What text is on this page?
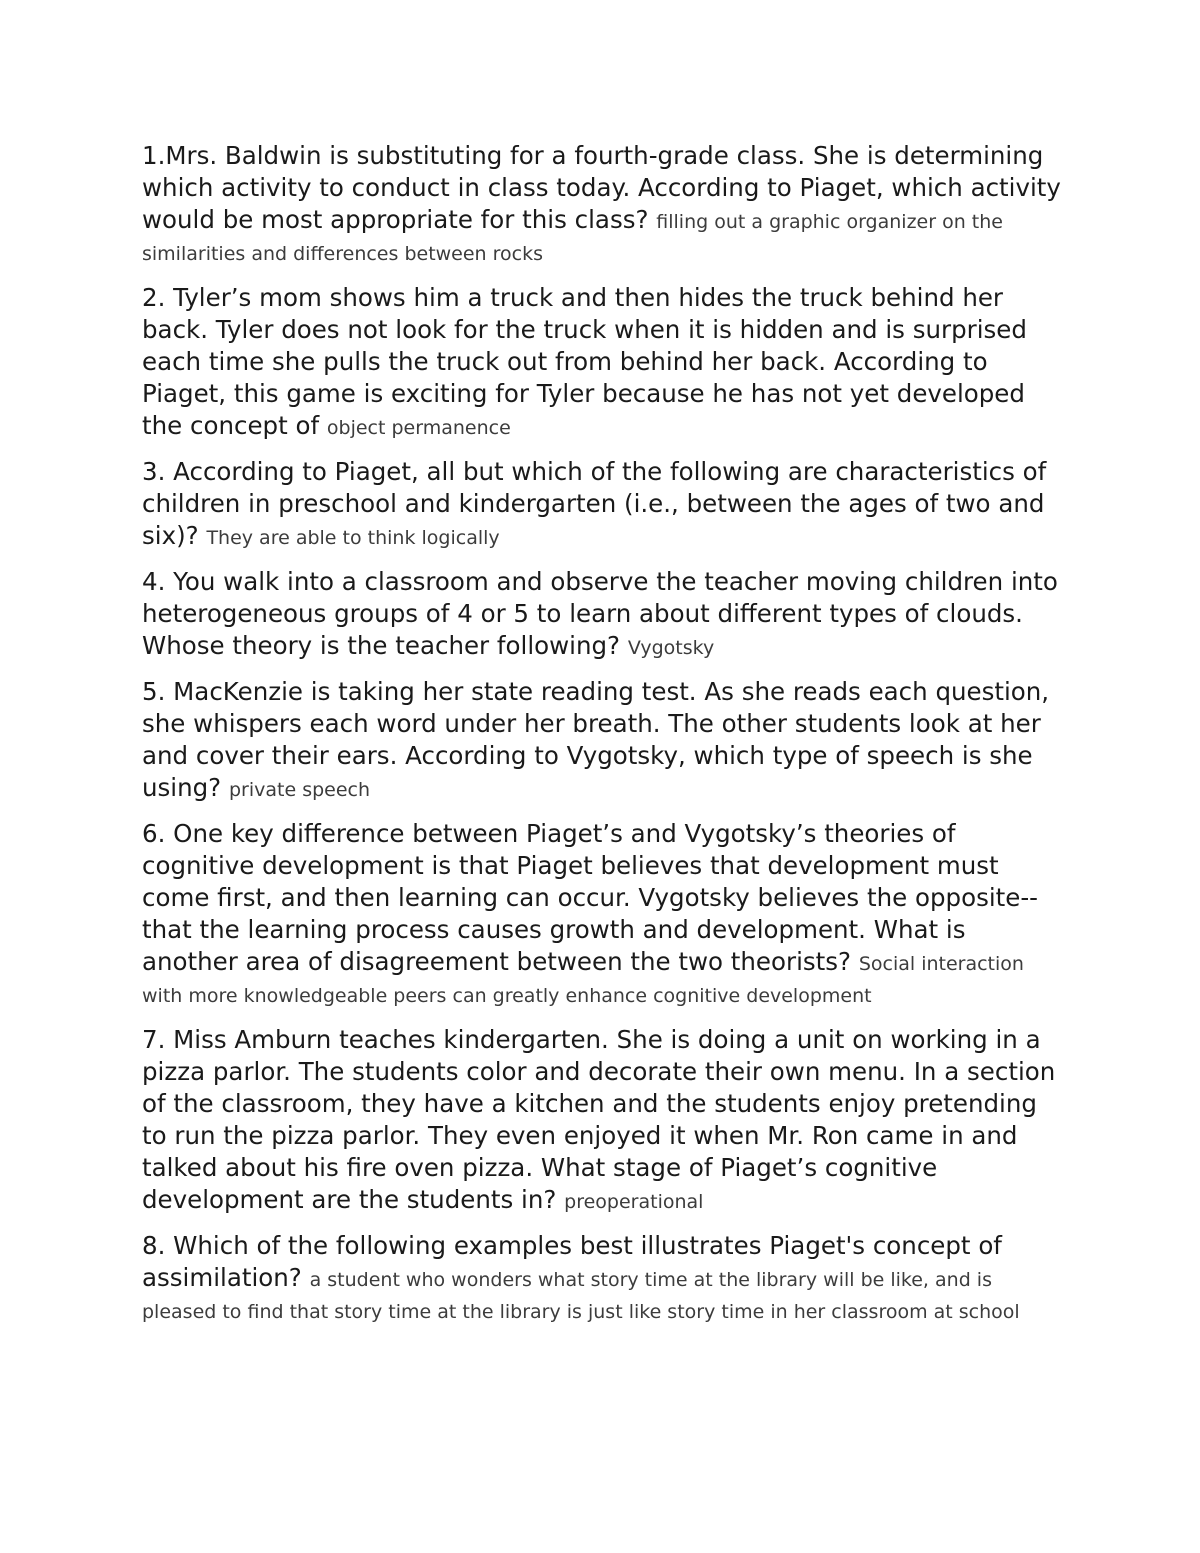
1.Mrs. Baldwin is substituting for a fourth-grade class. She is determining which activity to conduct in class today. According to Piaget, which activity would be most appropriate for this class? filling out a graphic organizer on the similarities and differences between rocks

2. Tyler’s mom shows him a truck and then hides the truck behind her back. Tyler does not look for the truck when it is hidden and is surprised each time she pulls the truck out from behind her back. According to Piaget, this game is exciting for Tyler because he has not yet developed the concept of object permanence

3. According to Piaget, all but which of the following are characteristics of children in preschool and kindergarten (i.e., between the ages of two and six)? They are able to think logically

4. You walk into a classroom and observe the teacher moving children into heterogeneous groups of 4 or 5 to learn about different types of clouds. Whose theory is the teacher following? Vygotsky

5. MacKenzie is taking her state reading test. As she reads each question, she whispers each word under her breath. The other students look at her and cover their ears. According to Vygotsky, which type of speech is she using? private speech

6. One key difference between Piaget’s and Vygotsky’s theories of cognitive development is that Piaget believes that development must come first, and then learning can occur. Vygotsky believes the opposite--that the learning process causes growth and development. What is another area of disagreement between the two theorists? Social interaction with more knowledgeable peers can greatly enhance cognitive development

7. Miss Amburn teaches kindergarten. She is doing a unit on working in a pizza parlor. The students color and decorate their own menu. In a section of the classroom, they have a kitchen and the students enjoy pretending to run the pizza parlor. They even enjoyed it when Mr. Ron came in and talked about his fire oven pizza. What stage of Piaget’s cognitive development are the students in? preoperational

8. Which of the following examples best illustrates Piaget's concept of assimilation? a student who wonders what story time at the library will be like, and is pleased to find that story time at the library is just like story time in her classroom at school
